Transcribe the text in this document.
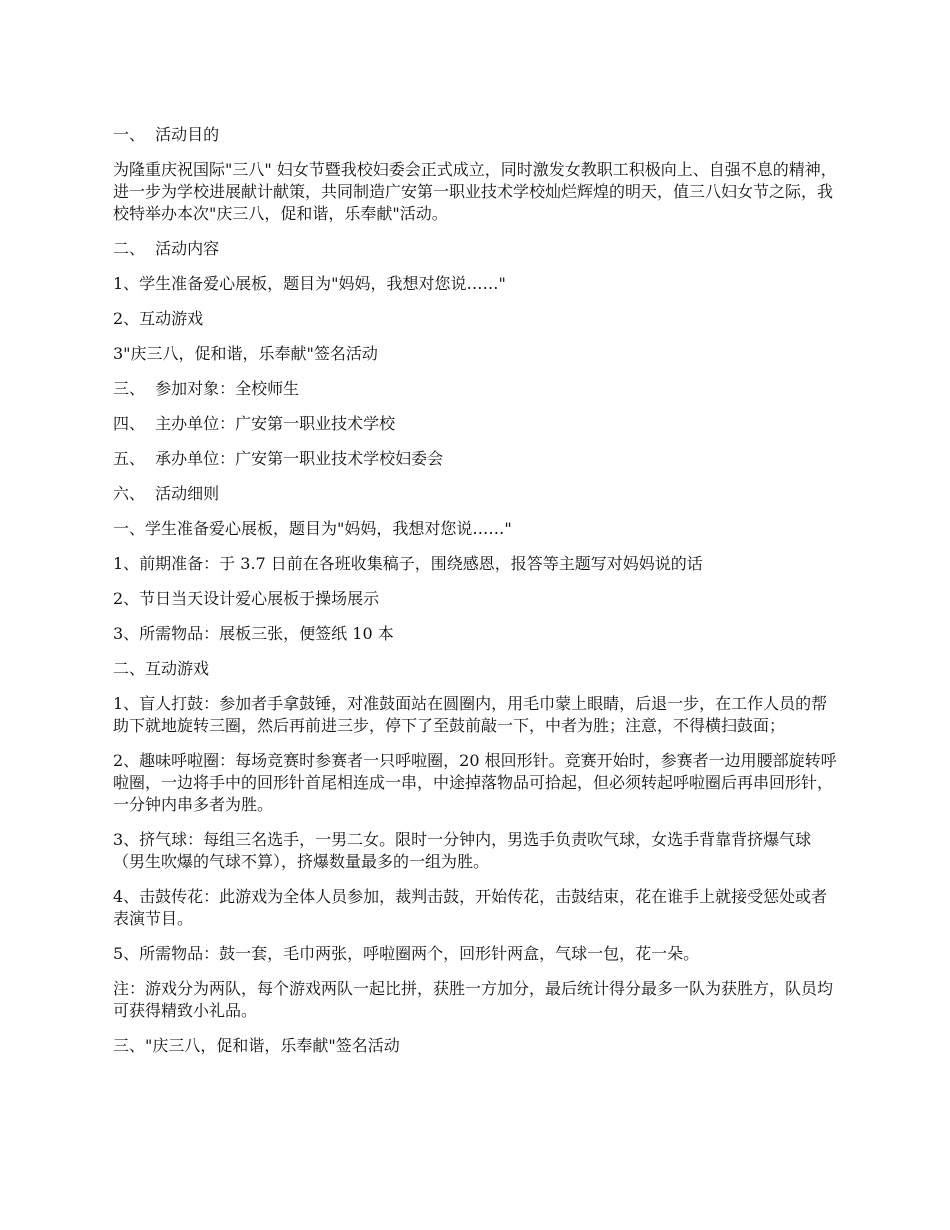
一、  活动目的

为隆重庆祝国际"三八" 妇女节暨我校妇委会正式成立，同时激发女教职工积极向上、自强不息的精神，进一步为学校进展献计献策，共同制造广安第一职业技术学校灿烂辉煌的明天，值三八妇女节之际，我校特举办本次"庆三八，促和谐，乐奉献"活动。

二、  活动内容

1、学生准备爱心展板，题目为"妈妈，我想对您说……"

2、互动游戏

3"庆三八，促和谐，乐奉献"签名活动

三、  参加对象：全校师生

四、  主办单位：广安第一职业技术学校

五、  承办单位：广安第一职业技术学校妇委会

六、  活动细则

一、学生准备爱心展板，题目为"妈妈，我想对您说……"

1、前期准备：于 3.7 日前在各班收集稿子，围绕感恩，报答等主题写对妈妈说的话

2、节日当天设计爱心展板于操场展示

3、所需物品：展板三张，便签纸 10 本

二、互动游戏

1、盲人打鼓：参加者手拿鼓锤，对准鼓面站在圆圈内，用毛巾蒙上眼睛，后退一步，在工作人员的帮助下就地旋转三圈，然后再前进三步，停下了至鼓前敲一下，中者为胜；注意，不得横扫鼓面；

2、趣味呼啦圈：每场竞赛时参赛者一只呼啦圈，20 根回形针。竞赛开始时，参赛者一边用腰部旋转呼啦圈，一边将手中的回形针首尾相连成一串，中途掉落物品可拾起，但必须转起呼啦圈后再串回形针，一分钟内串多者为胜。

3、挤气球：每组三名选手，一男二女。限时一分钟内，男选手负责吹气球，女选手背靠背挤爆气球（男生吹爆的气球不算），挤爆数量最多的一组为胜。

4、击鼓传花：此游戏为全体人员参加，裁判击鼓，开始传花，击鼓结束，花在谁手上就接受惩处或者表演节目。

5、所需物品：鼓一套，毛巾两张，呼啦圈两个，回形针两盒，气球一包，花一朵。

注：游戏分为两队，每个游戏两队一起比拼，获胜一方加分，最后统计得分最多一队为获胜方，队员均可获得精致小礼品。

三、"庆三八，促和谐，乐奉献"签名活动
